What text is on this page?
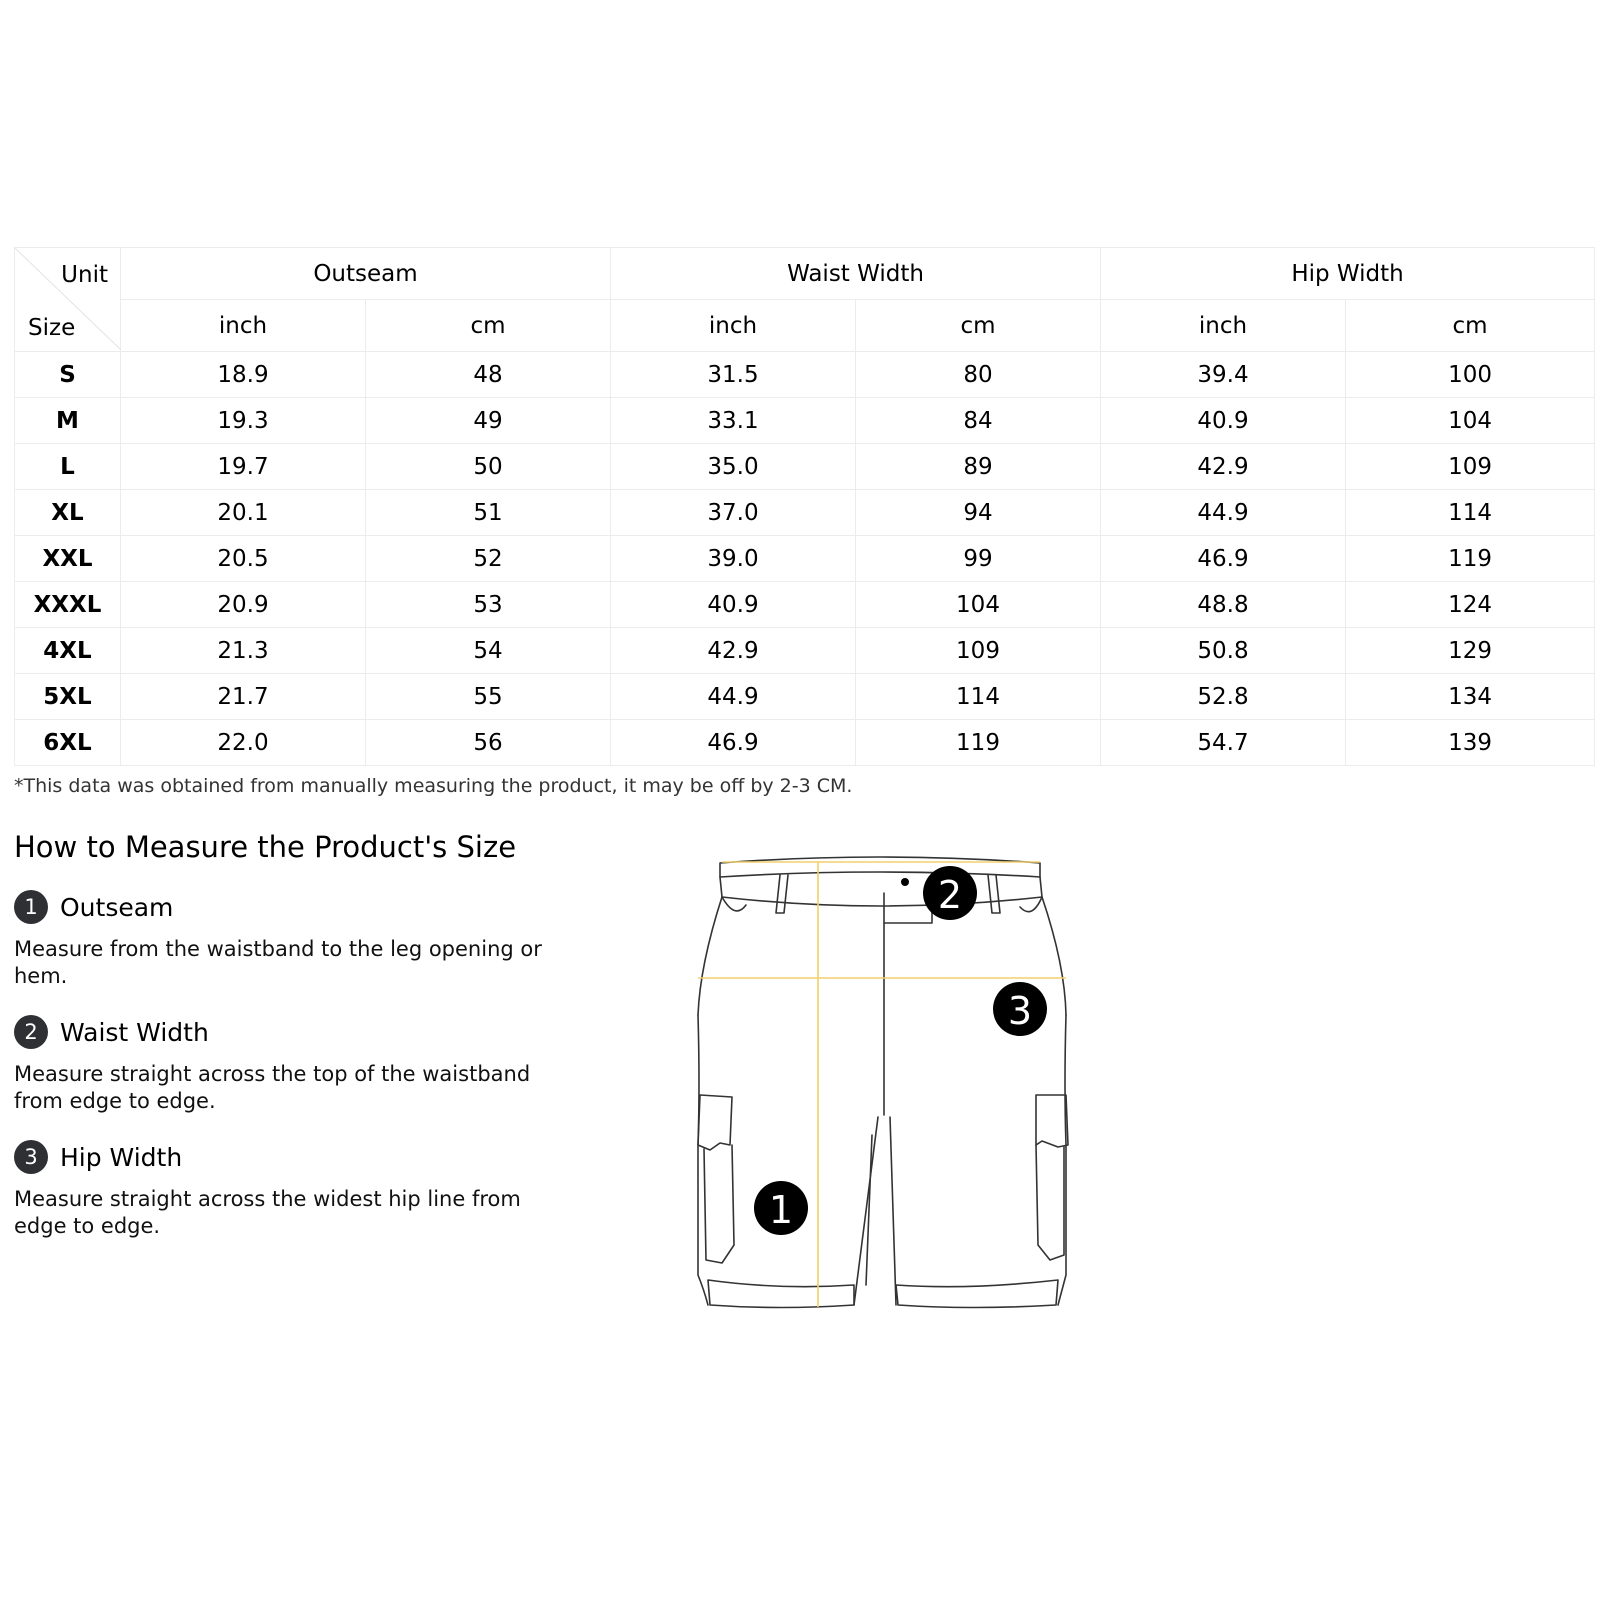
Unit
Size	Outseam		Waist Width		Hip Width	
	inch	cm	inch	cm	inch	cm
S	18.9	48	31.5	80	39.4	100
M	19.3	49	33.1	84	40.9	104
L	19.7	50	35.0	89	42.9	109
XL	20.1	51	37.0	94	44.9	114
XXL	20.5	52	39.0	99	46.9	119
XXXL	20.9	53	40.9	104	48.8	124
4XL	21.3	54	42.9	109	50.8	129
5XL	21.7	55	44.9	114	52.8	134
6XL	22.0	56	46.9	119	54.7	139
*This data was obtained from manually measuring the product, it may be off by 2-3 CM.
How to Measure the Product's Size
1 Outseam
Measure from the waistband to the leg opening or hem.
2 Waist Width
Measure straight across the top of the waistband from edge to edge.
3 Hip Width
Measure straight across the widest hip line from edge to edge.	1
2
3
